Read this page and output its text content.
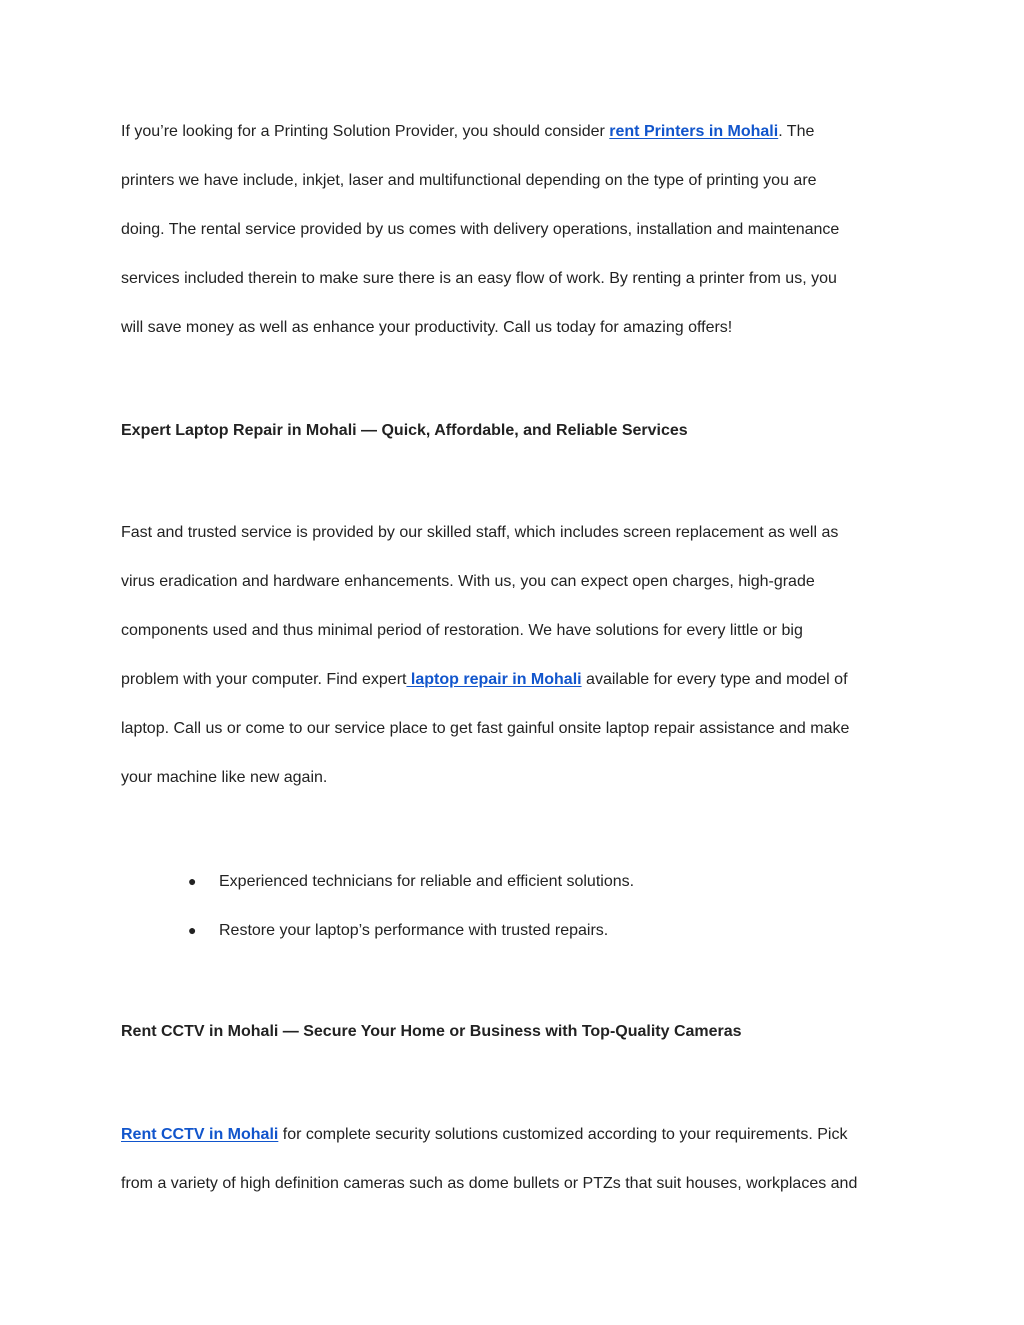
If you’re looking for a Printing Solution Provider, you should consider rent Printers in Mohali. The
printers we have include, inkjet, laser and multifunctional depending on the type of printing you are
doing. The rental service provided by us comes with delivery operations, installation and maintenance
services included therein to make sure there is an easy flow of work. By renting a printer from us, you
will save money as well as enhance your productivity. Call us today for amazing offers!
Expert Laptop Repair in Mohali — Quick, Affordable, and Reliable Services
Fast and trusted service is provided by our skilled staff, which includes screen replacement as well as
virus eradication and hardware enhancements. With us, you can expect open charges, high-grade
components used and thus minimal period of restoration. We have solutions for every little or big
problem with your computer. Find expert laptop repair in Mohali available for every type and model of
laptop. Call us or come to our service place to get fast gainful onsite laptop repair assistance and make
your machine like new again.
● Experienced technicians for reliable and efficient solutions.
● Restore your laptop’s performance with trusted repairs.
Rent CCTV in Mohali — Secure Your Home or Business with Top-Quality Cameras
Rent CCTV in Mohali for complete security solutions customized according to your requirements. Pick
from a variety of high definition cameras such as dome bullets or PTZs that suit houses, workplaces and
